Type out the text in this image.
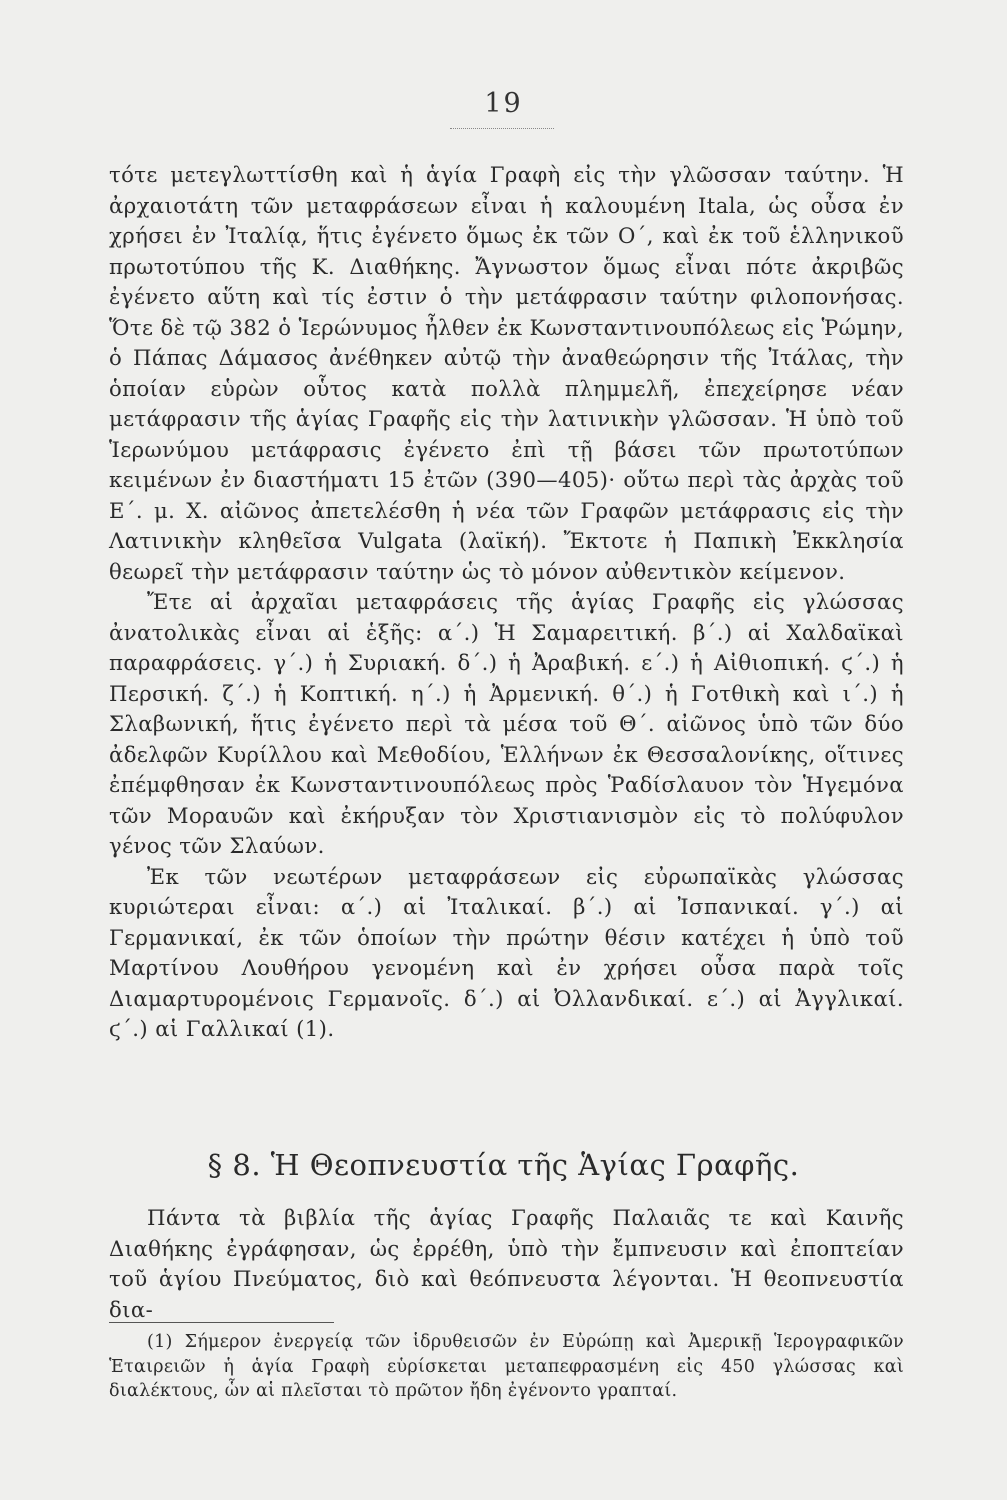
19

τότε μετεγλωττίσθη καὶ ἡ ἁγία Γραφὴ εἰς τὴν γλῶσσαν ταύτην. Ἡ ἀρχαιοτάτη τῶν μεταφράσεων εἶναι ἡ καλουμένη Itala, ὡς οὖσα ἐν χρήσει ἐν Ἰταλίᾳ, ἥτις ἐγένετο ὅμως ἐκ τῶν Ο΄, καὶ ἐκ τοῦ ἑλληνικοῦ πρωτοτύπου τῆς Κ. Διαθήκης. Ἄγνωστον ὅμως εἶναι πότε ἀκριβῶς ἐγένετο αὕτη καὶ τίς ἐστιν ὁ τὴν μετάφρασιν ταύτην φιλοπονήσας. Ὅτε δὲ τῷ 382 ὁ Ἱερώνυμος ἦλθεν ἐκ Κωνσταντινουπόλεως εἰς Ῥώμην, ὁ Πάπας Δάμασος ἀνέθηκεν αὐτῷ τὴν ἀναθεώρησιν τῆς Ἰτάλας, τὴν ὁποίαν εὑρὼν οὗτος κατὰ πολλὰ πλημμελῆ, ἐπεχείρησε νέαν μετάφρασιν τῆς ἁγίας Γραφῆς εἰς τὴν λατινικὴν γλῶσσαν. Ἡ ὑπὸ τοῦ Ἱερωνύμου μετάφρασις ἐγένετο ἐπὶ τῇ βάσει τῶν πρωτοτύπων κειμένων ἐν διαστήματι 15 ἐτῶν (390—405)· οὕτω περὶ τὰς ἀρχὰς τοῦ Ε΄. μ. Χ. αἰῶνος ἀπετελέσθη ἡ νέα τῶν Γραφῶν μετάφρασις εἰς τὴν Λατινικὴν κληθεῖσα Vulgata (λαϊκή). Ἔκτοτε ἡ Παπικὴ Ἐκκλησία θεωρεῖ τὴν μετάφρασιν ταύτην ὡς τὸ μόνον αὐθεντικὸν κείμενον.

Ἔτε αἱ ἀρχαῖαι μεταφράσεις τῆς ἁγίας Γραφῆς εἰς γλώσσας ἀνατολικὰς εἶναι αἱ ἑξῆς: α΄.) Ἡ Σαμαρειτική. β΄.) αἱ Χαλδαϊκαὶ παραφράσεις. γ΄.) ἡ Συριακή. δ΄.) ἡ Ἀραβική. ε΄.) ἡ Αἰθιοπική. ϛ΄.) ἡ Περσική. ζ΄.) ἡ Κοπτική. η΄.) ἡ Ἀρμενική. θ΄.) ἡ Γοτθικὴ καὶ ι΄.) ἡ Σλαβωνική, ἥτις ἐγένετο περὶ τὰ μέσα τοῦ Θ΄. αἰῶνος ὑπὸ τῶν δύο ἀδελφῶν Κυρίλλου καὶ Μεθοδίου, Ἑλλήνων ἐκ Θεσσαλονίκης, οἵτινες ἐπέμφθησαν ἐκ Κωνσταντινουπόλεως πρὸς Ῥαδίσλαυον τὸν Ἡγεμόνα τῶν Μοραυῶν καὶ ἐκήρυξαν τὸν Χριστιανισμὸν εἰς τὸ πολύφυλον γένος τῶν Σλαύων.

Ἐκ τῶν νεωτέρων μεταφράσεων εἰς εὐρωπαϊκὰς γλώσσας κυριώτεραι εἶναι: α΄.) αἱ Ἰταλικαί. β΄.) αἱ Ἰσπανικαί. γ΄.) αἱ Γερμανικαί, ἐκ τῶν ὁποίων τὴν πρώτην θέσιν κατέχει ἡ ὑπὸ τοῦ Μαρτίνου Λουθήρου γενομένη καὶ ἐν χρήσει οὖσα παρὰ τοῖς Διαμαρτυρομένοις Γερμανοῖς. δ΄.) αἱ Ὀλλανδικαί. ε΄.) αἱ Ἀγγλικαί. ϛ΄.) αἱ Γαλλικαί (1).

§ 8. Ἡ Θεοπνευστία τῆς Ἁγίας Γραφῆς.

Πάντα τὰ βιβλία τῆς ἁγίας Γραφῆς Παλαιᾶς τε καὶ Καινῆς Διαθήκης ἐγράφησαν, ὡς ἐρρέθη, ὑπὸ τὴν ἔμπνευσιν καὶ ἐποπτείαν τοῦ ἁγίου Πνεύματος, διὸ καὶ θεόπνευστα λέγονται. Ἡ θεοπνευστία δια-

(1) Σήμερον ἐνεργείᾳ τῶν ἱδρυθεισῶν ἐν Εὐρώπῃ καὶ Ἀμερικῇ Ἱερογραφικῶν Ἑταιρειῶν ἡ ἁγία Γραφὴ εὑρίσκεται μεταπεφρασμένη εἰς 450 γλώσσας καὶ διαλέκτους, ὧν αἱ πλεῖσται τὸ πρῶτον ἤδη ἐγένοντο γραπταί.
